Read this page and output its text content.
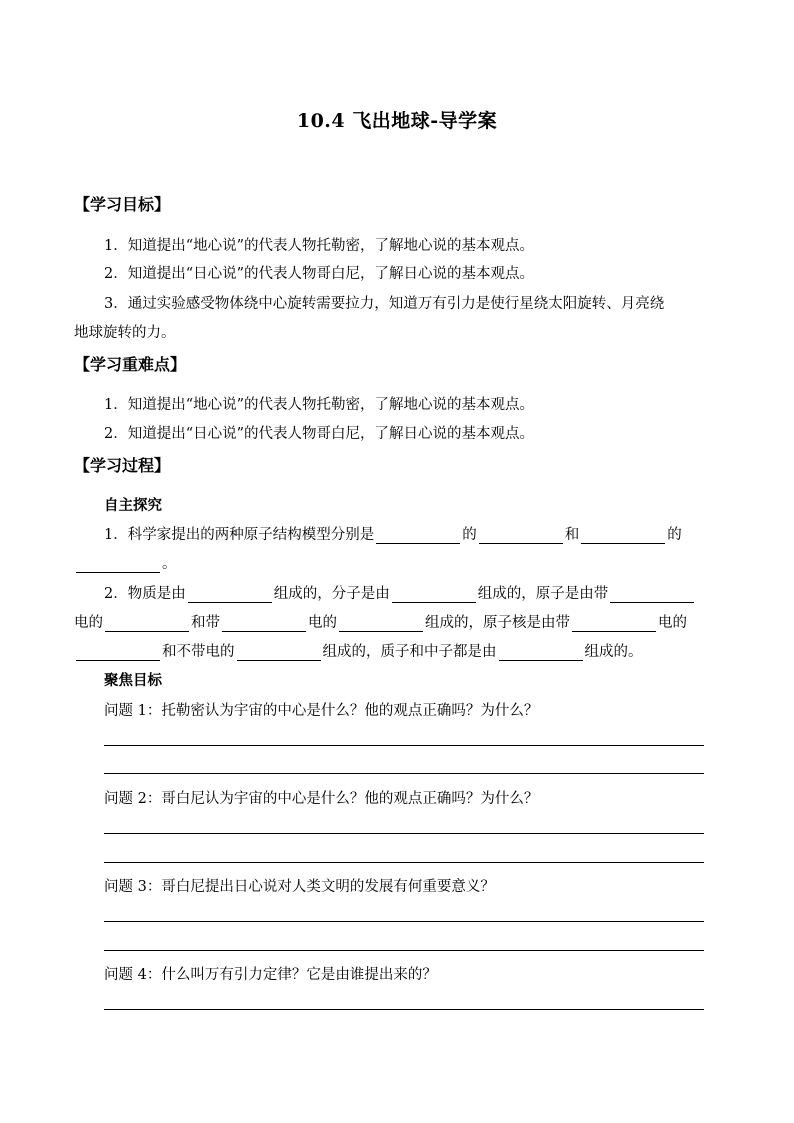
10.4 飞出地球-导学案
【学习目标】
1．知道提出“地心说”的代表人物托勒密，了解地心说的基本观点。
2．知道提出“日心说”的代表人物哥白尼，了解日心说的基本观点。
3．通过实验感受物体绕中心旋转需要拉力，知道万有引力是使行星绕太阳旋转、月亮绕
地球旋转的力。
【学习重难点】
1．知道提出“地心说”的代表人物托勒密，了解地心说的基本观点。
2．知道提出“日心说”的代表人物哥白尼，了解日心说的基本观点。
【学习过程】
自主探究
1．科学家提出的两种原子结构模型分别是	的	和	的
。
2．物质是由	组成的，分子是由	组成的，原子是由带
电的	和带	电的	组成的，原子核是由带	电的
和不带电的	组成的，质子和中子都是由	组成的。
聚焦目标
问题 1：托勒密认为宇宙的中心是什么？他的观点正确吗？为什么？
问题 2：哥白尼认为宇宙的中心是什么？他的观点正确吗？为什么？
问题 3：哥白尼提出日心说对人类文明的发展有何重要意义？
问题 4：什么叫万有引力定律？它是由谁提出来的？
